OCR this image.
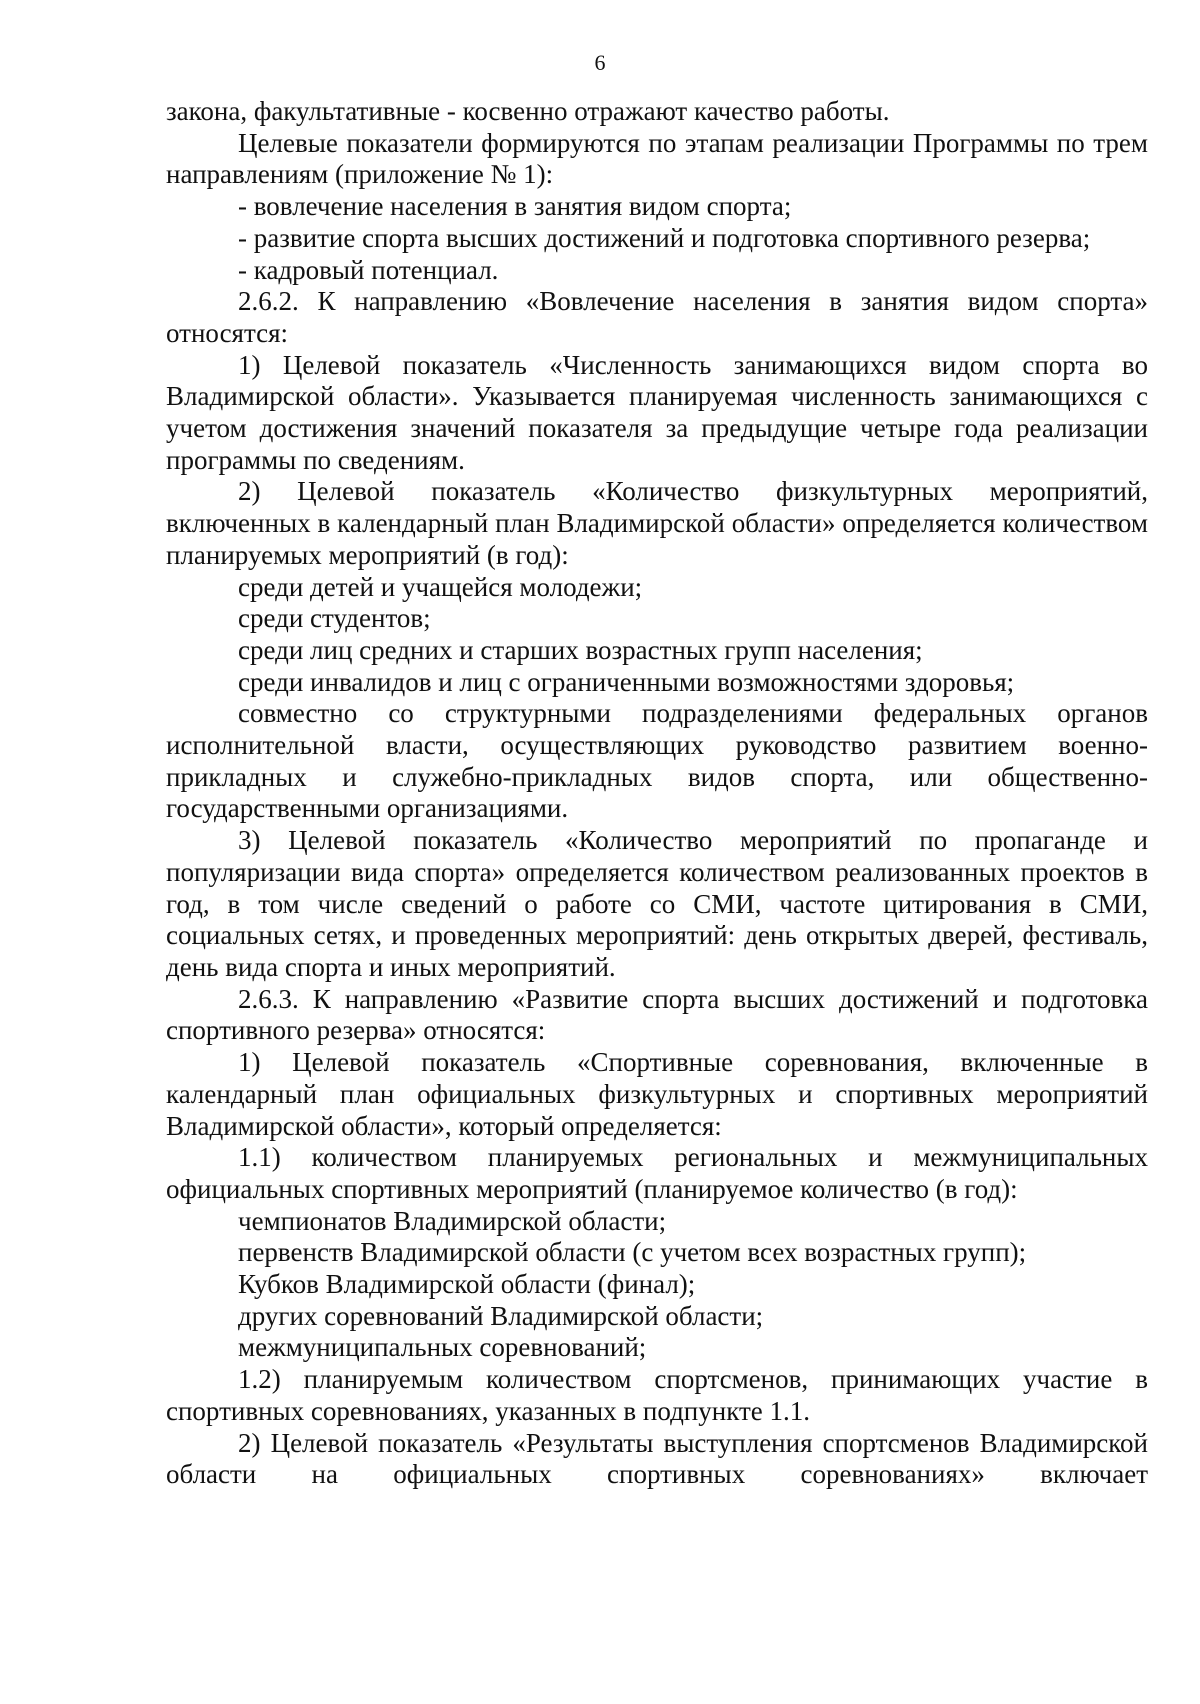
6

закона, факультативные - косвенно отражают качество работы.

Целевые показатели формируются по этапам реализации Программы по трем направлениям (приложение № 1):

- вовлечение населения в занятия видом спорта;

- развитие спорта высших достижений и подготовка спортивного резерва;

- кадровый потенциал.

2.6.2. К направлению «Вовлечение населения в занятия видом спорта» относятся:

1) Целевой показатель «Численность занимающихся видом спорта во Владимирской области». Указывается планируемая численность занимающихся с учетом достижения значений показателя за предыдущие четыре года реализации программы по сведениям.

2) Целевой показатель «Количество физкультурных мероприятий, включенных в календарный план Владимирской области» определяется количеством планируемых мероприятий (в год):

среди детей и учащейся молодежи;

среди студентов;

среди лиц средних и старших возрастных групп населения;

среди инвалидов и лиц с ограниченными возможностями здоровья;

совместно со структурными подразделениями федеральных органов исполнительной власти, осуществляющих руководство развитием военно-прикладных и служебно-прикладных видов спорта, или общественно-государственными организациями.

3) Целевой показатель «Количество мероприятий по пропаганде и популяризации вида спорта» определяется количеством реализованных проектов в год, в том числе сведений о работе со СМИ, частоте цитирования в СМИ, социальных сетях, и проведенных мероприятий: день открытых дверей, фестиваль, день вида спорта и иных мероприятий.

2.6.3. К направлению «Развитие спорта высших достижений и подготовка спортивного резерва» относятся:

1) Целевой показатель «Спортивные соревнования, включенные в календарный план официальных физкультурных и спортивных мероприятий Владимирской области», который определяется:

1.1) количеством планируемых региональных и межмуниципальных официальных спортивных мероприятий (планируемое количество (в год):

чемпионатов Владимирской области;

первенств Владимирской области (с учетом всех возрастных групп);

Кубков Владимирской области (финал);

других соревнований Владимирской области;

межмуниципальных соревнований;

1.2) планируемым количеством спортсменов, принимающих участие в спортивных соревнованиях, указанных в подпункте 1.1.

2) Целевой показатель «Результаты выступления спортсменов Владимирской области на официальных спортивных соревнованиях» включает
